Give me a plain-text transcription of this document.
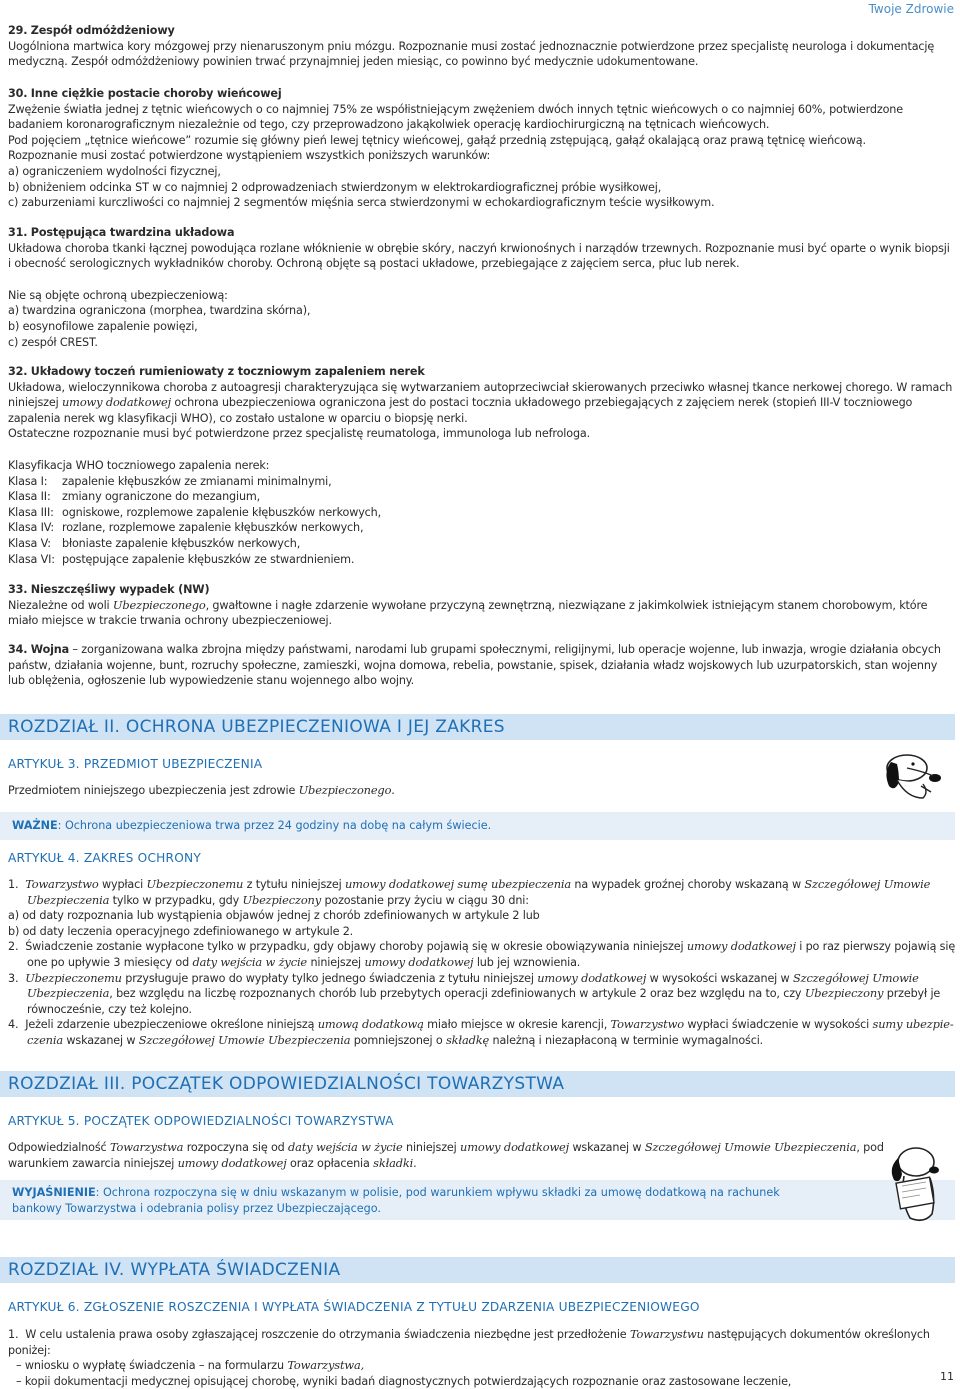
Twoje Zdrowie
29. Zespół odmóżdżeniowy
Uogólniona martwica kory mózgowej przy nienaruszonym pniu mózgu. Rozpoznanie musi zostać jednoznacznie potwierdzone przez specjalistę neurologa i dokumentację medyczną. Zespół odmóżdżeniowy powinien trwać przynajmniej jeden miesiąc, co powinno być medycznie udokumentowane.
30. Inne ciężkie postacie choroby wieńcowej
Zwężenie światła jednej z tętnic wieńcowych o co najmniej 75% ze współistniejącym zwężeniem dwóch innych tętnic wieńcowych o co najmniej 60%, potwierdzone badaniem koronarograficznym niezależnie od tego, czy przeprowadzono jakąkolwiek operację kardiochirurgiczną na tętnicach wieńcowych.
Pod pojęciem „tętnice wieńcowe” rozumie się główny pień lewej tętnicy wieńcowej, gałąź przednią zstępującą, gałąź okalającą oraz prawą tętnicę wieńcową.
Rozpoznanie musi zostać potwierdzone wystąpieniem wszystkich poniższych warunków:
a) ograniczeniem wydolności fizycznej,
b) obniżeniem odcinka ST w co najmniej 2 odprowadzeniach stwierdzonym w elektrokardiograficznej próbie wysiłkowej,
c) zaburzeniami kurczliwości co najmniej 2 segmentów mięśnia serca stwierdzonymi w echokardiograficznym teście wysiłkowym.
31. Postępująca twardzina układowa
Układowa choroba tkanki łącznej powodująca rozlane włóknienie w obrębie skóry, naczyń krwionośnych i narządów trzewnych. Rozpoznanie musi być oparte o wynik biopsji i obecność serologicznych wykładników choroby. Ochroną objęte są postaci układowe, przebiegające z zajęciem serca, płuc lub nerek.
Nie są objęte ochroną ubezpieczeniową:
a) twardzina ograniczona (morphea, twardzina skórna),
b) eosynofilowe zapalenie powięzi,
c) zespół CREST.
32. Układowy toczeń rumieniowaty z toczniowym zapaleniem nerek
Układowa, wieloczynnikowa choroba z autoagresji charakteryzująca się wytwarzaniem autoprzeciwciał skierowanych przeciwko własnej tkance nerkowej chorego. W ramach niniejszej umowy dodatkowej ochrona ubezpieczeniowa ograniczona jest do postaci tocznia układowego przebiegających z zajęciem nerek (stopień III-V toczniowego zapalenia nerek wg klasyfikacji WHO), co zostało ustalone w oparciu o biopsję nerki.
Ostateczne rozpoznanie musi być potwierdzone przez specjalistę reumatologa, immunologa lub nefrologa.
Klasyfikacja WHO toczniowego zapalenia nerek:
Klasa I: zapalenie kłębuszków ze zmianami minimalnymi,
Klasa II: zmiany ograniczone do mezangium,
Klasa III: ogniskowe, rozplemowe zapalenie kłębuszków nerkowych,
Klasa IV: rozlane, rozplemowe zapalenie kłębuszków nerkowych,
Klasa V: błoniaste zapalenie kłębuszków nerkowych,
Klasa VI: postępujące zapalenie kłębuszków ze stwardnieniem.
33. Nieszczęśliwy wypadek (NW)
Niezależne od woli Ubezpieczonego, gwałtowne i nagłe zdarzenie wywołane przyczyną zewnętrzną, niezwiązane z jakimkolwiek istniejącym stanem chorobowym, które miało miejsce w trakcie trwania ochrony ubezpieczeniowej.
34. Wojna – zorganizowana walka zbrojna między państwami, narodami lub grupami społecznymi, religijnymi, lub operacje wojenne, lub inwazja, wrogie działania obcych państw, działania wojenne, bunt, rozruchy społeczne, zamieszki, wojna domowa, rebelia, powstanie, spisek, działania władz wojskowych lub uzurpatorskich, stan wojenny lub oblężenia, ogłoszenie lub wypowiedzenie stanu wojennego albo wojny.
ROZDZIAŁ II. OCHRONA UBEZPIECZENIOWA I JEJ ZAKRES
ARTYKUŁ 3. PRZEDMIOT UBEZPIECZENIA
Przedmiotem niniejszego ubezpieczenia jest zdrowie Ubezpieczonego.
WAŻNE: Ochrona ubezpieczeniowa trwa przez 24 godziny na dobę na całym świecie.
ARTYKUŁ 4. ZAKRES OCHRONY
1. Towarzystwo wypłaci Ubezpieczonemu z tytułu niniejszej umowy dodatkowej sumę ubezpieczenia na wypadek groźnej choroby wskazaną w Szczegółowej Umowie
Ubezpieczenia tylko w przypadku, gdy Ubezpieczony pozostanie przy życiu w ciągu 30 dni:
a) od daty rozpoznania lub wystąpienia objawów jednej z chorób zdefiniowanych w artykule 2 lub
b) od daty leczenia operacyjnego zdefiniowanego w artykule 2.
2. Świadczenie zostanie wypłacone tylko w przypadku, gdy objawy choroby pojawią się w okresie obowiązywania niniejszej umowy dodatkowej i po raz pierwszy pojawią się
one po upływie 3 miesięcy od daty wejścia w życie niniejszej umowy dodatkowej lub jej wznowienia.
3. Ubezpieczonemu przysługuje prawo do wypłaty tylko jednego świadczenia z tytułu niniejszej umowy dodatkowej w wysokości wskazanej w Szczegółowej Umowie
Ubezpieczenia, bez względu na liczbę rozpoznanych chorób lub przebytych operacji zdefiniowanych w artykule 2 oraz bez względu na to, czy Ubezpieczony przebył je
równocześnie, czy też kolejno.
4. Jeżeli zdarzenie ubezpieczeniowe określone niniejszą umową dodatkową miało miejsce w okresie karencji, Towarzystwo wypłaci świadczenie w wysokości sumy ubezpie-
czenia wskazanej w Szczegółowej Umowie Ubezpieczenia pomniejszonej o składkę należną i niezapłaconą w terminie wymagalności.
ROZDZIAŁ III. POCZĄTEK ODPOWIEDZIALNOŚCI TOWARZYSTWA
ARTYKUŁ 5. POCZĄTEK ODPOWIEDZIALNOŚCI TOWARZYSTWA
Odpowiedzialność Towarzystwa rozpoczyna się od daty wejścia w życie niniejszej umowy dodatkowej wskazanej w Szczegółowej Umowie Ubezpieczenia, pod
warunkiem zawarcia niniejszej umowy dodatkowej oraz opłacenia składki.
WYJAŚNIENIE: Ochrona rozpoczyna się w dniu wskazanym w polisie, pod warunkiem wpływu składki za umowę dodatkową na rachunek bankowy Towarzystwa i odebrania polisy przez Ubezpieczającego.
ROZDZIAŁ IV. WYPŁATA ŚWIADCZENIA
ARTYKUŁ 6. ZGŁOSZENIE ROSZCZENIA I WYPŁATA ŚWIADCZENIA Z TYTUŁU ZDARZENIA UBEZPIECZENIOWEGO
1. W celu ustalenia prawa osoby zgłaszającej roszczenie do otrzymania świadczenia niezbędne jest przedłożenie Towarzystwu następujących dokumentów określonych poniżej:
– wniosku o wypłatę świadczenia – na formularzu Towarzystwa,
– kopii dokumentacji medycznej opisującej chorobę, wyniki badań diagnostycznych potwierdzających rozpoznanie oraz zastosowane leczenie,	11
